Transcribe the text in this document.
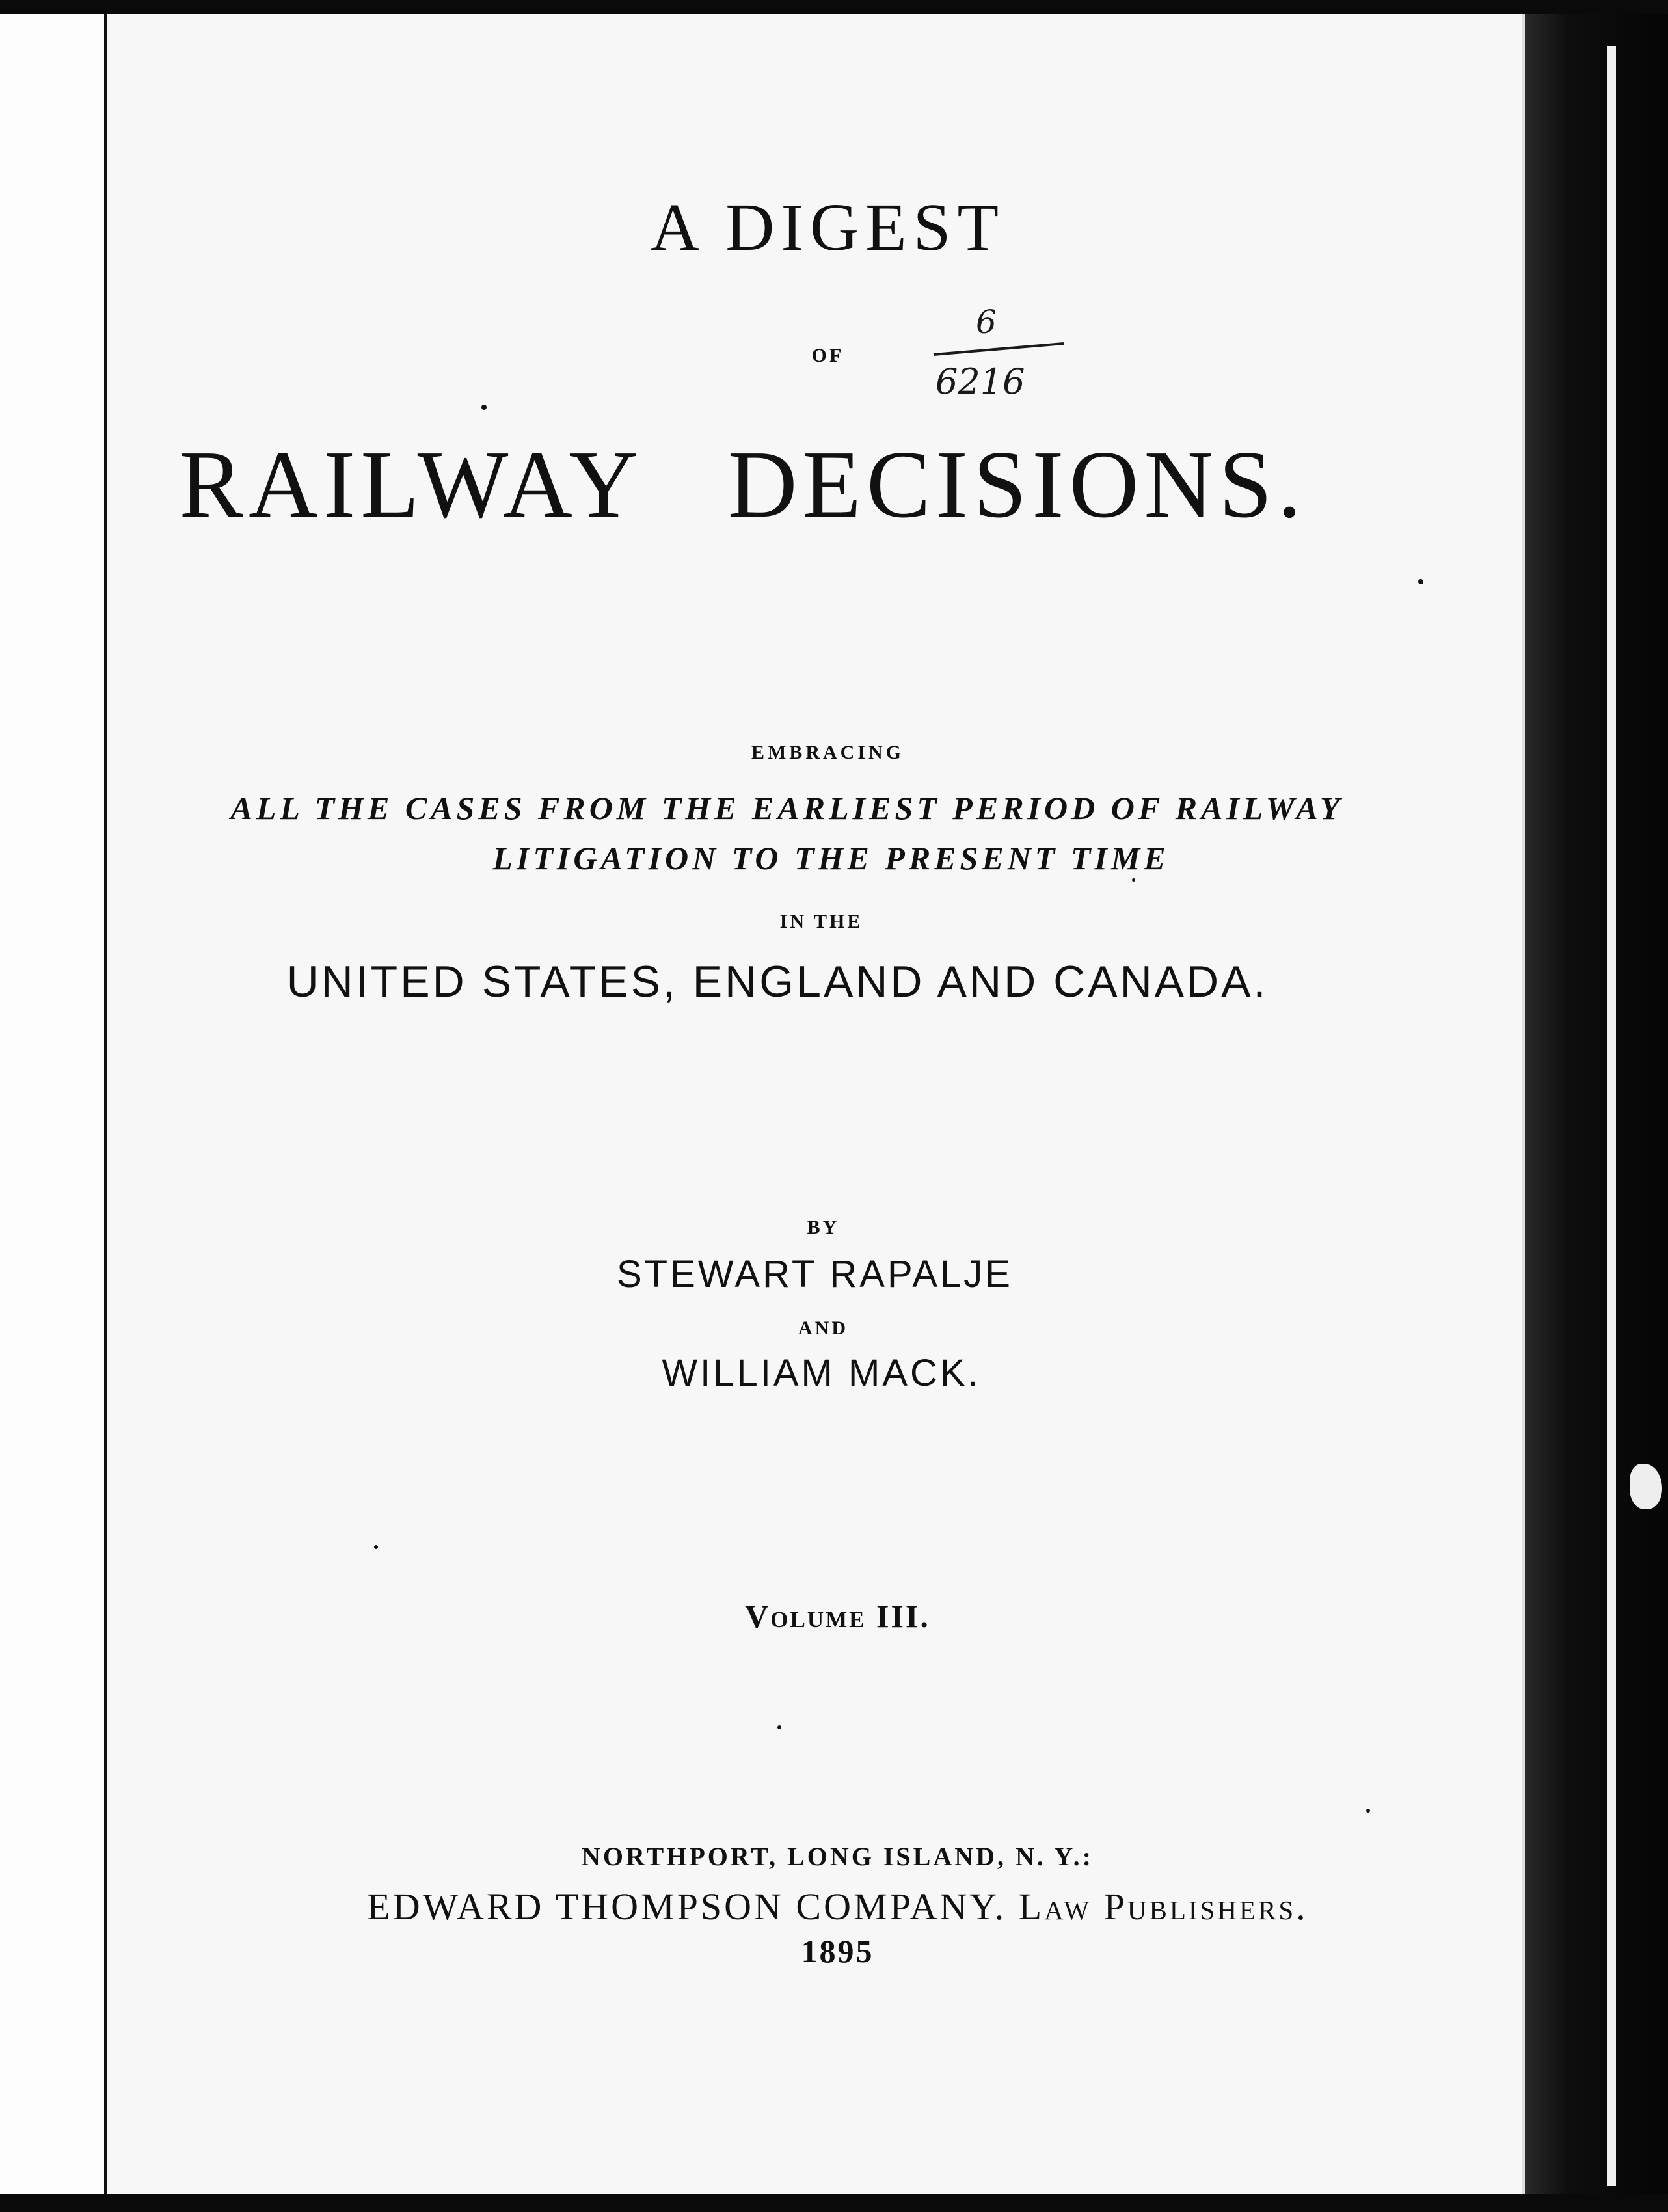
A DIGEST
OF
RAILWAY   DECISIONS.
6
6216
EMBRACING
ALL THE CASES FROM THE EARLIEST PERIOD OF RAILWAY
LITIGATION TO THE PRESENT TIME
IN THE
UNITED STATES, ENGLAND AND CANADA.
BY
STEWART RAPALJE
AND
WILLIAM MACK.
Volume III.
NORTHPORT, LONG ISLAND, N. Y.:
EDWARD THOMPSON COMPANY. Law Publishers.
1895
